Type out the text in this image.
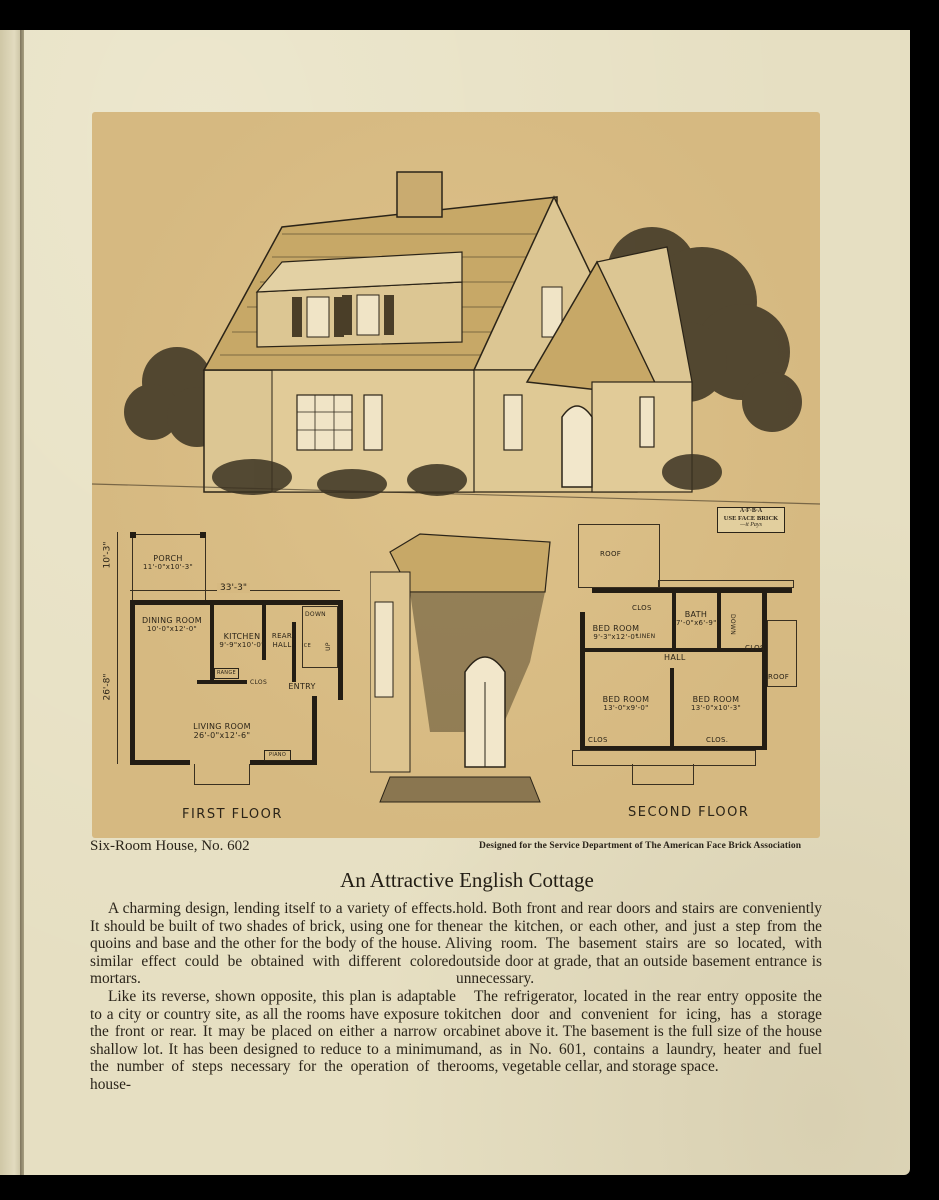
A·F·B·A
USE FACE BRICK
—it Pays
10'-3"
26'-8"
33'-3"
PORCH
11'-0"x10'-3"
DINING ROOM
10'-0"x12'-0"
KITCHEN
9'-9"x10'-0"
REAR HALL
ENTRY
LIVING ROOM
26'-0"x12'-6"
RANGE
CLOS
ICE
DOWN
UP
PIANO
FIRST FLOOR
ROOF
BED ROOM
9'-3"x12'-0"
BATH
7'-0"x6'-9"
HALL
BED ROOM
13'-0"x9'-0"
BED ROOM
13'-0"x10'-3"
CLOS
LINEN
DOWN
CLOS
ROOF
CLOS	CLOS.
SECOND FLOOR
Six-Room House, No. 602	Designed for the Service Department of The American Face Brick Association
An Attractive English Cottage

A charming design, lending itself to a variety of effects. It should be built of two shades of brick, using one for the quoins and base and the other for the body of the house. A similar effect could be obtained with different colored mortars.

Like its reverse, shown opposite, this plan is adaptable to a city or country site, as all the rooms have exposure to the front or rear. It may be placed on either a narrow or shallow lot. It has been designed to reduce to a minimum the number of steps necessary for the operation of the house-

hold. Both front and rear doors and stairs are conveniently near the kitchen, or each other, and just a step from the living room. The basement stairs are so located, with outside door at grade, that an outside basement entrance is unnecessary.

The refrigerator, located in the rear entry opposite the kitchen door and convenient for icing, has a storage cabinet above it. The basement is the full size of the house and, as in No. 601, contains a laundry, heater and fuel rooms, vegetable cellar, and storage space.
